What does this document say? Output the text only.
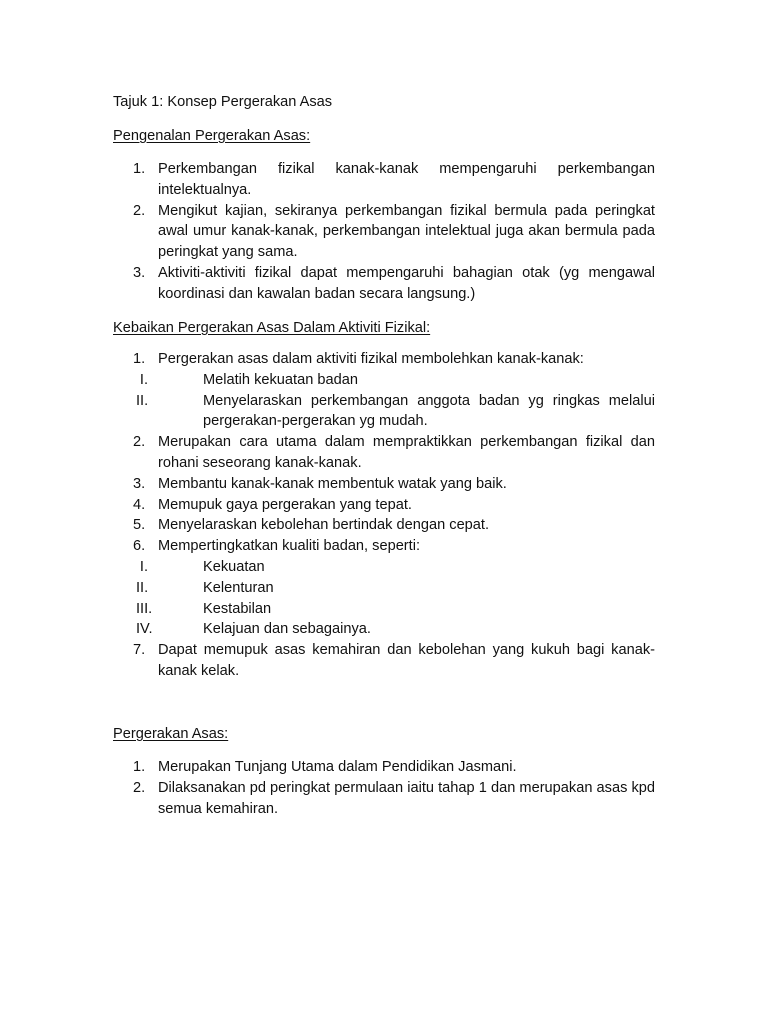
Tajuk 1: Konsep Pergerakan Asas
Pengenalan Pergerakan Asas:
1. Perkembangan fizikal kanak-kanak mempengaruhi perkembangan intelektualnya.
2. Mengikut kajian, sekiranya perkembangan fizikal bermula pada peringkat awal umur kanak-kanak, perkembangan intelektual juga akan bermula pada peringkat yang sama.
3. Aktiviti-aktiviti fizikal dapat mempengaruhi bahagian otak (yg mengawal koordinasi dan kawalan badan secara langsung.)
Kebaikan Pergerakan Asas Dalam Aktiviti Fizikal:
1. Pergerakan asas dalam aktiviti fizikal membolehkan kanak-kanak:
I.	Melatih kekuatan badan
II.	Menyelaraskan perkembangan anggota badan yg ringkas melalui pergerakan-pergerakan yg mudah.
2. Merupakan cara utama dalam mempraktikkan perkembangan fizikal dan rohani seseorang kanak-kanak.
3. Membantu kanak-kanak membentuk watak yang baik.
4. Memupuk gaya pergerakan yang tepat.
5. Menyelaraskan kebolehan bertindak dengan cepat.
6. Mempertingkatkan kualiti badan, seperti:
I.	Kekuatan
II.	Kelenturan
III.	Kestabilan
IV.	Kelajuan dan sebagainya.
7. Dapat memupuk asas kemahiran dan kebolehan yang kukuh bagi kanak-kanak kelak.
Pergerakan Asas:
1. Merupakan Tunjang Utama dalam Pendidikan Jasmani.
2. Dilaksanakan pd peringkat permulaan iaitu tahap 1 dan merupakan asas kpd semua kemahiran.
